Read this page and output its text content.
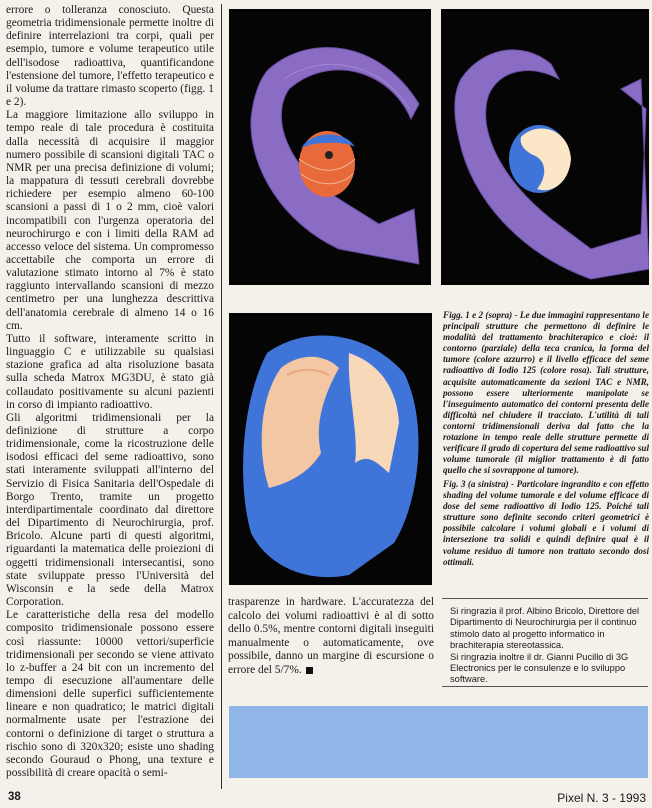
errore o tolleranza conosciuto. Questa geometria tridimensionale permette inoltre di definire interrelazioni tra corpi, quali per esempio, tumore e volume terapeutico utile dell'isodose radioattiva, quantificandone l'estensione del tumore, l'effetto terapeutico e il volume da trattare rimasto scoperto (figg. 1 e 2).

La maggiore limitazione allo sviluppo in tempo reale di tale procedura è costituita dalla necessità di acquisire il maggior numero possibile di scansioni digitali TAC o NMR per una precisa definizione di volumi; la mappatura di tessuti cerebrali dovrebbe richiedere per esempio almeno 60-100 scansioni a passi di 1 o 2 mm, cioè valori incompatibili con l'urgenza operatoria del neurochirurgo e con i limiti della RAM ad accesso veloce del sistema. Un compromesso accettabile che comporta un errore di valutazione stimato intorno al 7% è stato raggiunto intervallando scansioni di mezzo centimetro per una lunghezza descrittiva dell'anatomia cerebrale di almeno 14 o 16 cm.

Tutto il software, interamente scritto in linguaggio C e utilizzabile su qualsiasi stazione grafica ad alta risoluzione basata sulla scheda Matrox MG3DU, è stato già collaudato positivamente su alcuni pazienti in corso di impianto radioattivo.

Gli algoritmi tridimensionali per la definizione di strutture a corpo tridimensionale, come la ricostruzione delle isodosi efficaci del seme radioattivo, sono stati interamente sviluppati all'interno del Servizio di Fisica Sanitaria dell'Ospedale di Borgo Trento, tramite un progetto interdipartimentale coordinato dal direttore del Dipartimento di Neurochirurgia, prof. Bricolo. Alcune parti di questi algoritmi, riguardanti la matematica delle proiezioni di oggetti tridimensionali intersecantisi, sono state sviluppate presso l'Università del Wisconsin e la sede della Matrox Corporation.

Le caratteristiche della resa del modello composito tridimensionale possono essere così riassunte: 10000 vettori/superficie tridimensionali per secondo se viene attivato lo z-buffer a 24 bit con un incremento del tempo di esecuzione all'aumentare delle dimensioni delle superfici sufficientemente lineare e non quadratico; le matrici digitali normalmente usate per l'estrazione dei contorni o definizione di target o struttura a rischio sono di 320x320; esiste uno shading secondo Gouraud o Phong, una texture e possibilità di creare opacità o semi-

Figg. 1 e 2 (sopra) - Le due immagini rappresentano le principali strutture che permettono di definire le modalità del trattamento brachiterapico e cioè: il contorno (parziale) della teca cranica, la forma del tumore (colore azzurro) e il livello efficace del seme radioattivo di Iodio 125 (colore rosa). Tali strutture, acquisite automaticamente da sezioni TAC e NMR, possono essere ulteriormente manipolate se l'inseguimento automatico dei contorni presenta delle difficoltà nel chiudere il tracciato. L'utilità di tali contorni tridimensionali deriva dal fatto che la rotazione in tempo reale delle strutture permette di verificare il grado di copertura del seme radioattivo sul volume tumorale (il miglior trattamento è di fatto quello che si sovrappone al tumore).
Fig. 3 (a sinistra) - Particolare ingrandito e con effetto shading del volume tumorale e del volume efficace di dose del seme radioattivo di Iodio 125. Poiché tali strutture sono definite secondo criteri geometrici è possibile calcolare i volumi globali e i volumi di intersezione tra solidi e quindi definire qual è il volume residuo di tumore non trattato secondo dosi ottimali.
trasparenze in hardware. L'accuratezza del calcolo dei volumi radioattivi è al di sotto dello 0.5%, mentre contorni digitali inseguiti manualmente o automaticamente, ove possibile, danno un margine di escursione o errore del 5/7%.

Si ringrazia il prof. Albino Bricolo, Direttore del Dipartimento di Neurochirurgia per il continuo stimolo dato al progetto informatico in brachiterapia stereotassica.

Si ringrazia inoltre il dr. Gianni Pucillo di 3G Electronics per le consulenze e lo sviluppo software.

38	Pixel N. 3 - 1993
